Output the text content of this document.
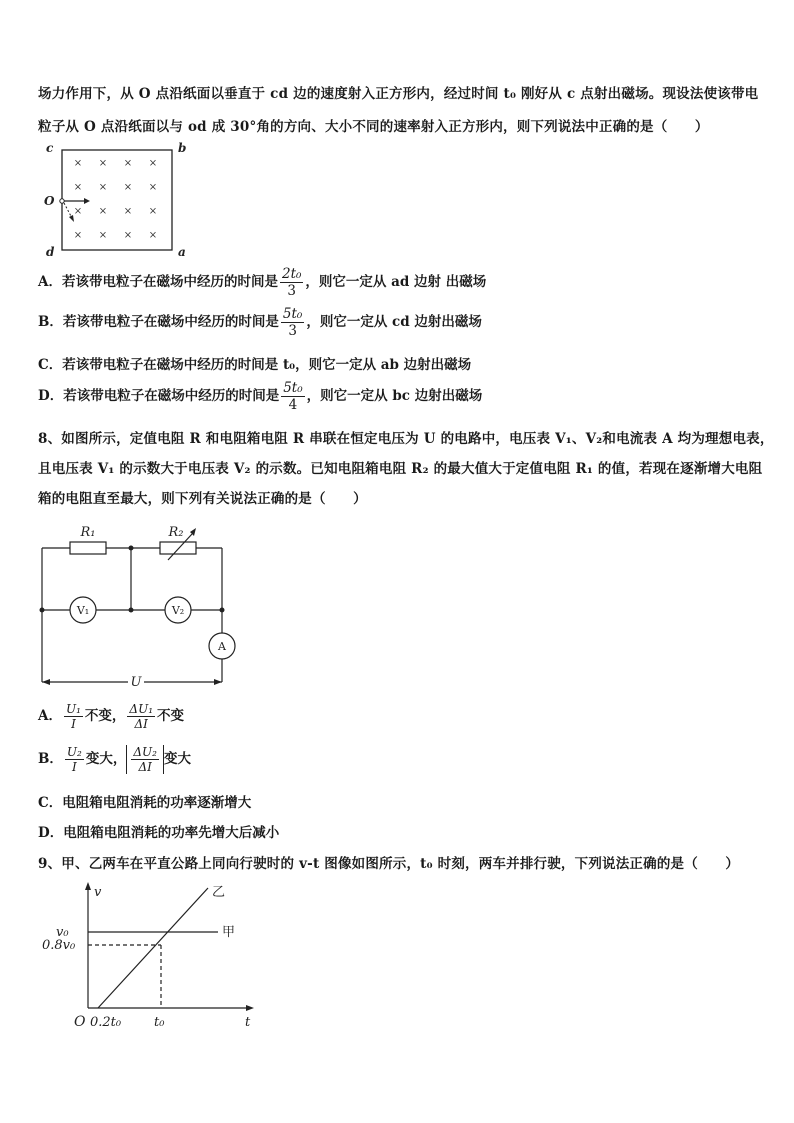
场力作用下，从 O 点沿纸面以垂直于 cd 边的速度射入正方形内，经过时间 t₀ 刚好从 c 点射出磁场。现设法使该带电
粒子从 O 点沿纸面以与 od 成 30°角的方向、大小不同的速率射入正方形内，则下列说法中正确的是（　　）
× × × ×
× × × ×
× × × ×
× × × ×
c	b
d	a
O
A．若该带电粒子在磁场中经历的时间是 $\frac{\text{2t₀}}{3}$ ，则它一定从 ad 边射 出磁场
B．若该带电粒子在磁场中经历的时间是 $\frac{\text{5t₀}}{3}$ ，则它一定从 cd 边射出磁场
C．若该带电粒子在磁场中经历的时间是 t₀，则它一定从 ab 边射出磁场
D．若该带电粒子在磁场中经历的时间是 $\frac{\text{5t₀}}{4}$ ，则它一定从 bc 边射出磁场
8、如图所示，定值电阻 R 和电阻箱电阻 R 串联在恒定电压为 U 的电路中，电压表 V₁、V₂和电流表 A 均为理想电表，
且电压表 V₁ 的示数大于电压表 V₂ 的示数。已知电阻箱电阻 R₂ 的最大值大于定值电阻 R₁ 的值，若现在逐渐增大电阻
箱的电阻直至最大，则下列有关说法正确的是（　　）
R₁	R₂
U
V₁	V₂
A
A． $\frac{\text{U₁}}{I}$ 不变， $\frac{\text{ΔU₁}}{\Delta I}$ 不变
B． $\frac{\text{U₂}}{I}$ 变大， $\frac{\text{ΔU₂}}{\Delta I}$ 变大
C．电阻箱电阻消耗的功率逐渐增大
D．电阻箱电阻消耗的功率先增大后减小
9、甲、乙两车在平直公路上同向行驶时的 v-t 图像如图所示，t₀ 时刻，两车并排行驶，下列说法正确的是（　　）
v
t
O
v₀
0.8v₀
0.2t₀	t₀
甲
乙
